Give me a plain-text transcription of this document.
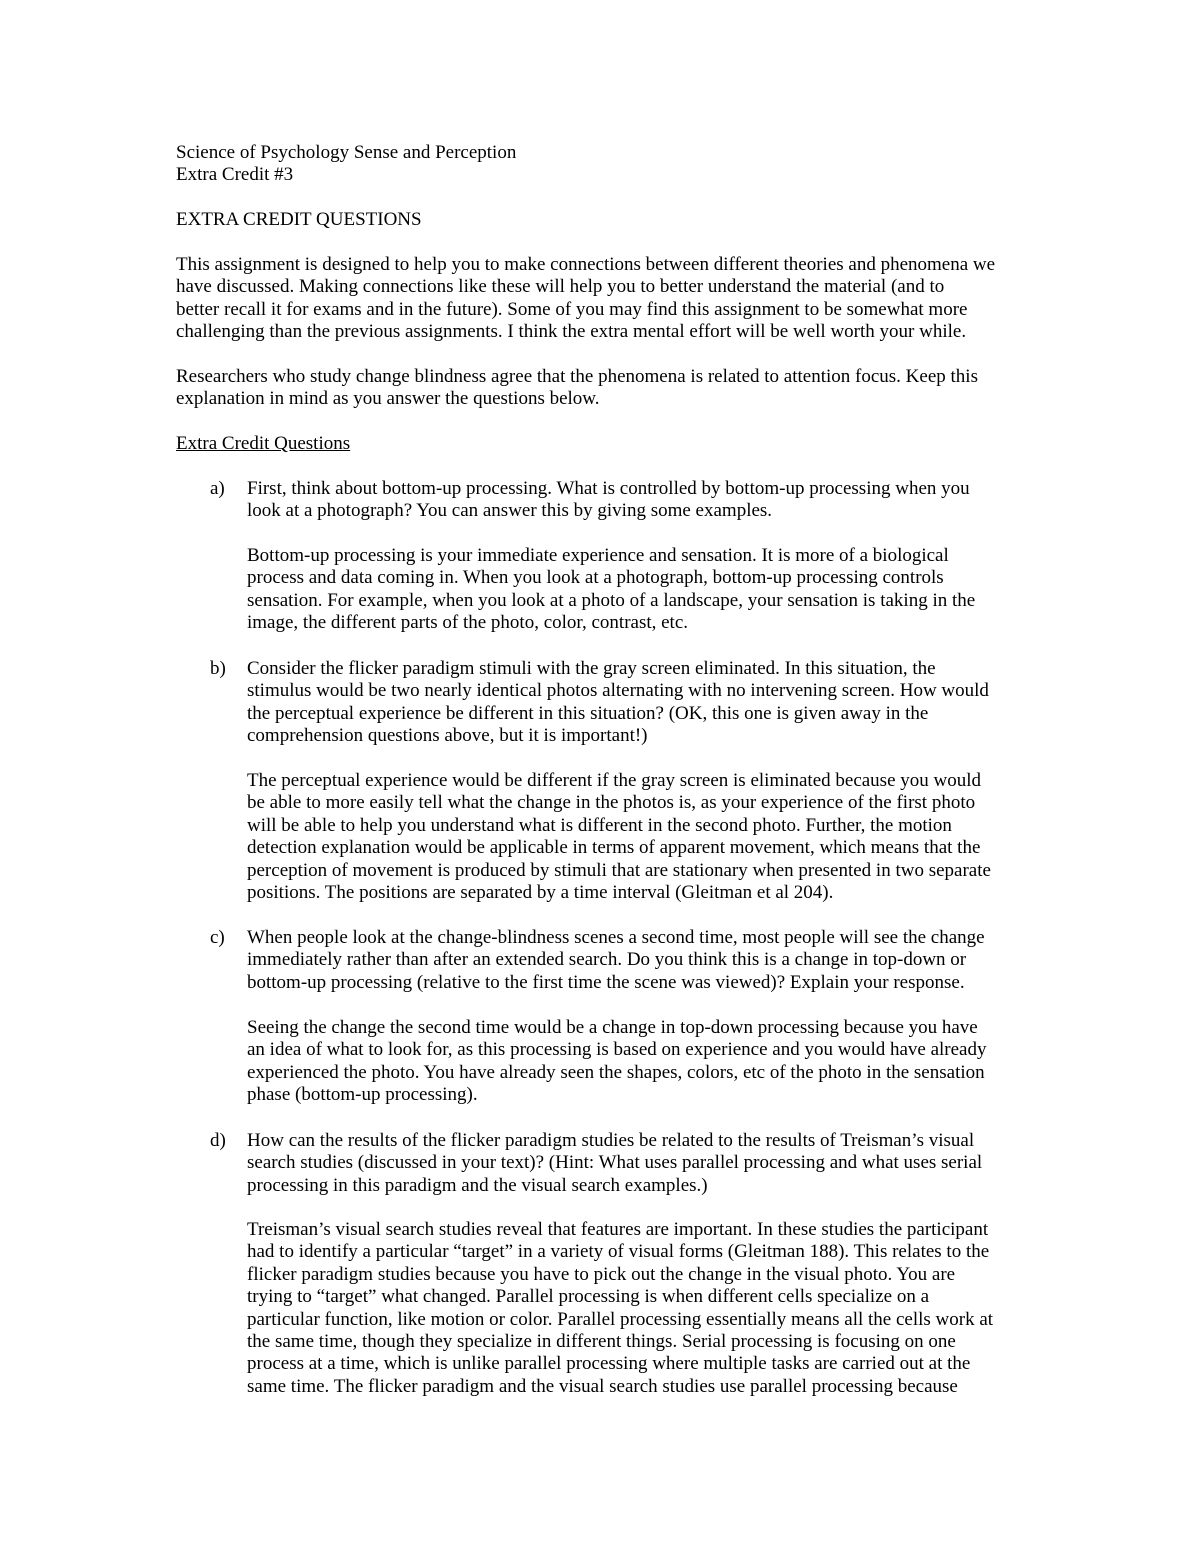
Science of Psychology Sense and Perception
Extra Credit #3
EXTRA CREDIT QUESTIONS
This assignment is designed to help you to make connections between different theories and phenomena we
have discussed. Making connections like these will help you to better understand the material (and to
better recall it for exams and in the future). Some of you may find this assignment to be somewhat more
challenging than the previous assignments. I think the extra mental effort will be well worth your while.
Researchers who study change blindness agree that the phenomena is related to attention focus. Keep this
explanation in mind as you answer the questions below.
Extra Credit Questions
a) First, think about bottom-up processing. What is controlled by bottom-up processing when you
look at a photograph? You can answer this by giving some examples.
Bottom-up processing is your immediate experience and sensation. It is more of a biological
process and data coming in. When you look at a photograph, bottom-up processing controls
sensation. For example, when you look at a photo of a landscape, your sensation is taking in the
image, the different parts of the photo, color, contrast, etc.
b) Consider the flicker paradigm stimuli with the gray screen eliminated. In this situation, the
stimulus would be two nearly identical photos alternating with no intervening screen. How would
the perceptual experience be different in this situation? (OK, this one is given away in the
comprehension questions above, but it is important!)
The perceptual experience would be different if the gray screen is eliminated because you would
be able to more easily tell what the change in the photos is, as your experience of the first photo
will be able to help you understand what is different in the second photo. Further, the motion
detection explanation would be applicable in terms of apparent movement, which means that the
perception of movement is produced by stimuli that are stationary when presented in two separate
positions. The positions are separated by a time interval (Gleitman et al 204).
c) When people look at the change-blindness scenes a second time, most people will see the change
immediately rather than after an extended search. Do you think this is a change in top-down or
bottom-up processing (relative to the first time the scene was viewed)? Explain your response.
Seeing the change the second time would be a change in top-down processing because you have
an idea of what to look for, as this processing is based on experience and you would have already
experienced the photo. You have already seen the shapes, colors, etc of the photo in the sensation
phase (bottom-up processing).
d) How can the results of the flicker paradigm studies be related to the results of Treisman’s visual
search studies (discussed in your text)? (Hint: What uses parallel processing and what uses serial
processing in this paradigm and the visual search examples.)
Treisman’s visual search studies reveal that features are important. In these studies the participant
had to identify a particular “target” in a variety of visual forms (Gleitman 188). This relates to the
flicker paradigm studies because you have to pick out the change in the visual photo. You are
trying to “target” what changed. Parallel processing is when different cells specialize on a
particular function, like motion or color. Parallel processing essentially means all the cells work at
the same time, though they specialize in different things. Serial processing is focusing on one
process at a time, which is unlike parallel processing where multiple tasks are carried out at the
same time. The flicker paradigm and the visual search studies use parallel processing because
